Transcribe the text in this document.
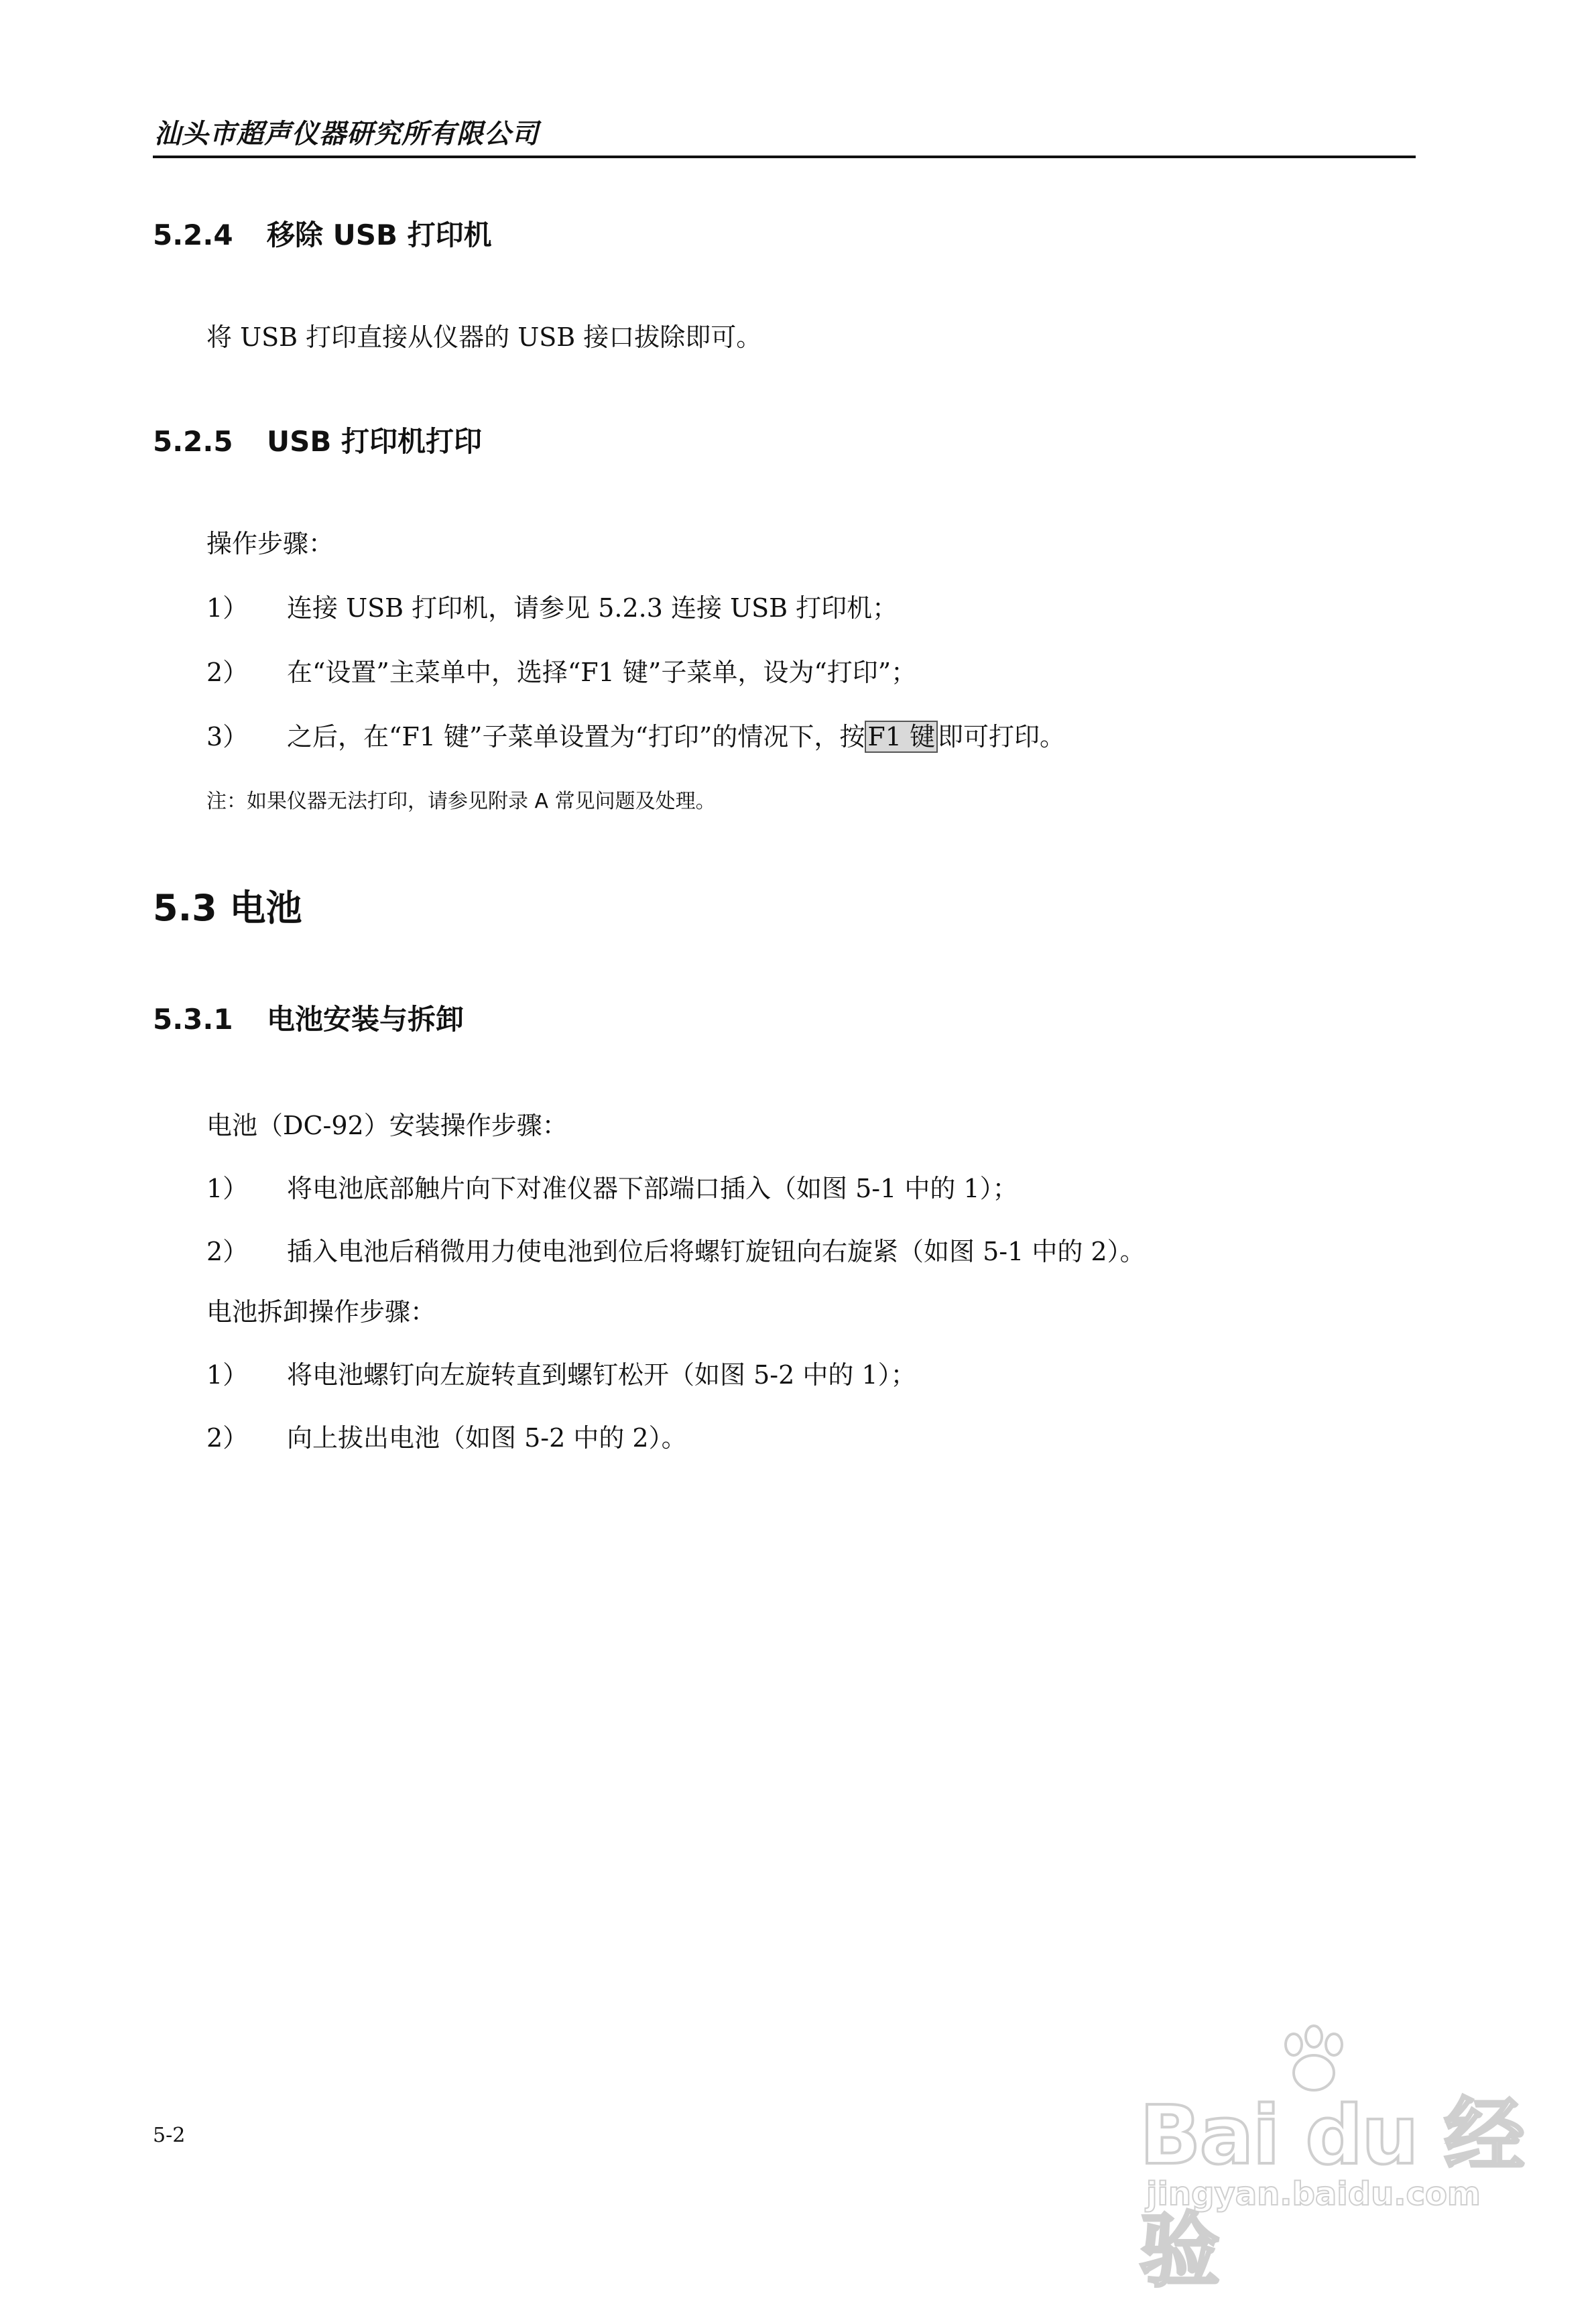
汕头市超声仪器研究所有限公司
5.2.4 移除 USB 打印机
将 USB 打印直接从仪器的 USB 接口拔除即可。
5.2.5 USB 打印机打印
操作步骤：
1） 连接 USB 打印机，请参见 5.2.3 连接 USB 打印机；
2） 在“设置”主菜单中，选择“F1 键”子菜单，设为“打印”；
3） 之后，在“F1 键”子菜单设置为“打印”的情况下，按 F1 键 即可打印。
注：如果仪器无法打印，请参见附录 A 常见问题及处理。
5.3 电池
5.3.1 电池安装与拆卸
电池（DC-92）安装操作步骤：
1） 将电池底部触片向下对准仪器下部端口插入（如图 5-1 中的 1）；
2） 插入电池后稍微用力使电池到位后将螺钉旋钮向右旋紧（如图 5-1 中的 2）。
电池拆卸操作步骤：
1） 将电池螺钉向左旋转直到螺钉松开（如图 5-2 中的 1）；
2） 向上拔出电池（如图 5-2 中的 2）。
5-2	Bai du 经验
jingyan.baidu.com
